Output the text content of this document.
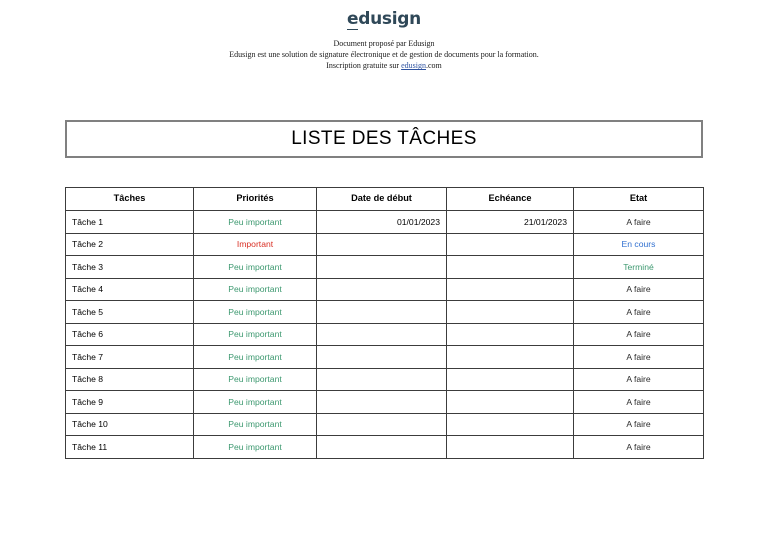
edusign
Document proposé par Edusign
Edusign est une solution de signature électronique et de gestion de documents pour la formation.
Inscription gratuite sur edusign.com
LISTE DES TÂCHES
Tâches	Priorités	Date de début	Echéance	Etat
Tâche 1	Peu important	01/01/2023	21/01/2023	A faire
Tâche 2	Important			En cours
Tâche 3	Peu important			Terminé
Tâche 4	Peu important			A faire
Tâche 5	Peu important			A faire
Tâche 6	Peu important			A faire
Tâche 7	Peu important			A faire
Tâche 8	Peu important			A faire
Tâche 9	Peu important			A faire
Tâche 10	Peu important			A faire
Tâche 11	Peu important			A faire
